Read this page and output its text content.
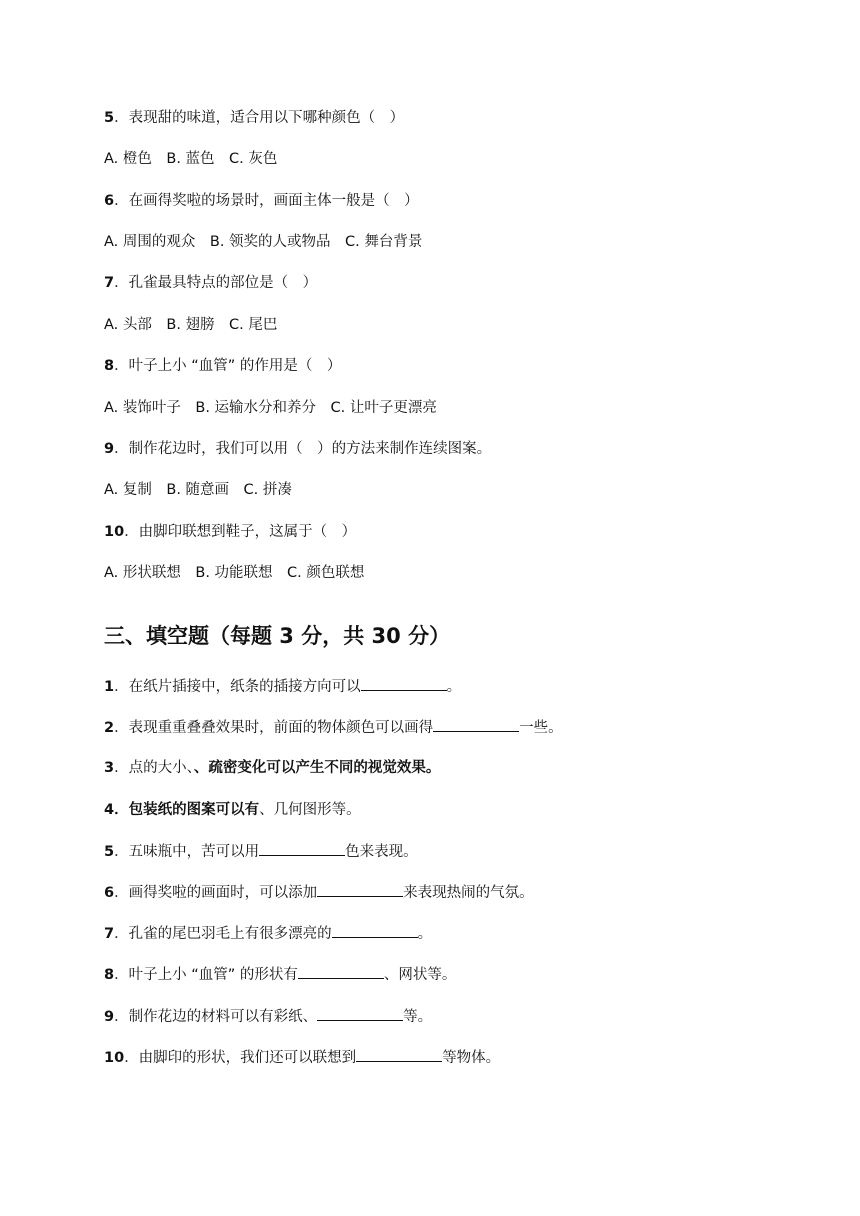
5．表现甜的味道，适合用以下哪种颜色（　）
A. 橙色　B. 蓝色　C. 灰色
6．在画得奖啦的场景时，画面主体一般是（　）
A. 周围的观众　B. 领奖的人或物品　C. 舞台背景
7．孔雀最具特点的部位是（　）
A. 头部　B. 翅膀　C. 尾巴
8．叶子上小 “血管” 的作用是（　）
A. 装饰叶子　B. 运输水分和养分　C. 让叶子更漂亮
9．制作花边时，我们可以用（　）的方法来制作连续图案。
A. 复制　B. 随意画　C. 拼凑
10．由脚印联想到鞋子，这属于（　）
A. 形状联想　B. 功能联想　C. 颜色联想
三、填空题（每题 3 分，共 30 分）
1．在纸片插接中，纸条的插接方向可以	。
2．表现重重叠叠效果时，前面的物体颜色可以画得	一些。
3．点的大小、、疏密变化可以产生不同的视觉效果。
4．包装纸的图案可以有、几何图形等。
5．五味瓶中，苦可以用	色来表现。
6．画得奖啦的画面时，可以添加	来表现热闹的气氛。
7．孔雀的尾巴羽毛上有很多漂亮的	。
8．叶子上小 “血管” 的形状有	、网状等。
9．制作花边的材料可以有彩纸、	等。
10．由脚印的形状，我们还可以联想到	等物体。
